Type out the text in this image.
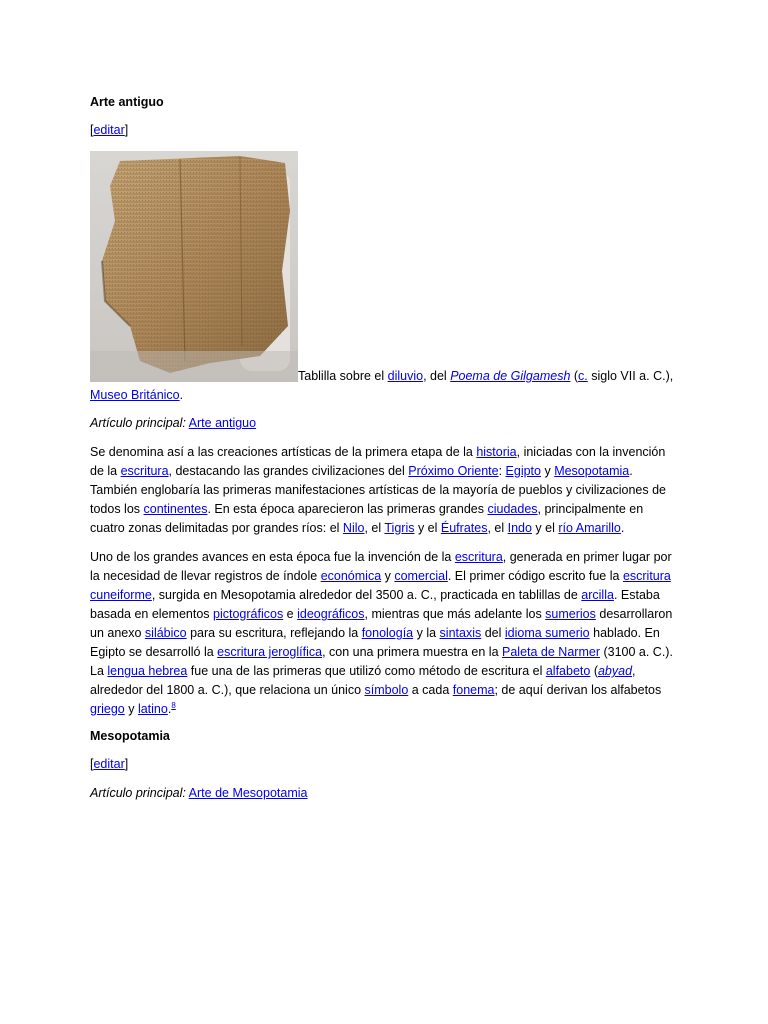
Arte antiguo
[editar]
Tablilla sobre el diluvio, del Poema de Gilgamesh (c. siglo VII a. C.), Museo Británico.
Artículo principal: Arte antiguo
Se denomina así a las creaciones artísticas de la primera etapa de la historia, iniciadas con la invención de la escritura, destacando las grandes civilizaciones del Próximo Oriente: Egipto y Mesopotamia. También englobaría las primeras manifestaciones artísticas de la mayoría de pueblos y civilizaciones de todos los continentes. En esta época aparecieron las primeras grandes ciudades, principalmente en cuatro zonas delimitadas por grandes ríos: el Nilo, el Tigris y el Éufrates, el Indo y el río Amarillo.
Uno de los grandes avances en esta época fue la invención de la escritura, generada en primer lugar por la necesidad de llevar registros de índole económica y comercial. El primer código escrito fue la escritura cuneiforme, surgida en Mesopotamia alrededor del 3500 a. C., practicada en tablillas de arcilla. Estaba basada en elementos pictográficos e ideográficos, mientras que más adelante los sumerios desarrollaron un anexo silábico para su escritura, reflejando la fonología y la sintaxis del idioma sumerio hablado. En Egipto se desarrolló la escritura jeroglífica, con una primera muestra en la Paleta de Narmer (3100 a. C.). La lengua hebrea fue una de las primeras que utilizó como método de escritura el alfabeto (abyad, alrededor del 1800 a. C.), que relaciona un único símbolo a cada fonema; de aquí derivan los alfabetos griego y latino.$^8$
Mesopotamia
[editar]
Artículo principal: Arte de Mesopotamia
